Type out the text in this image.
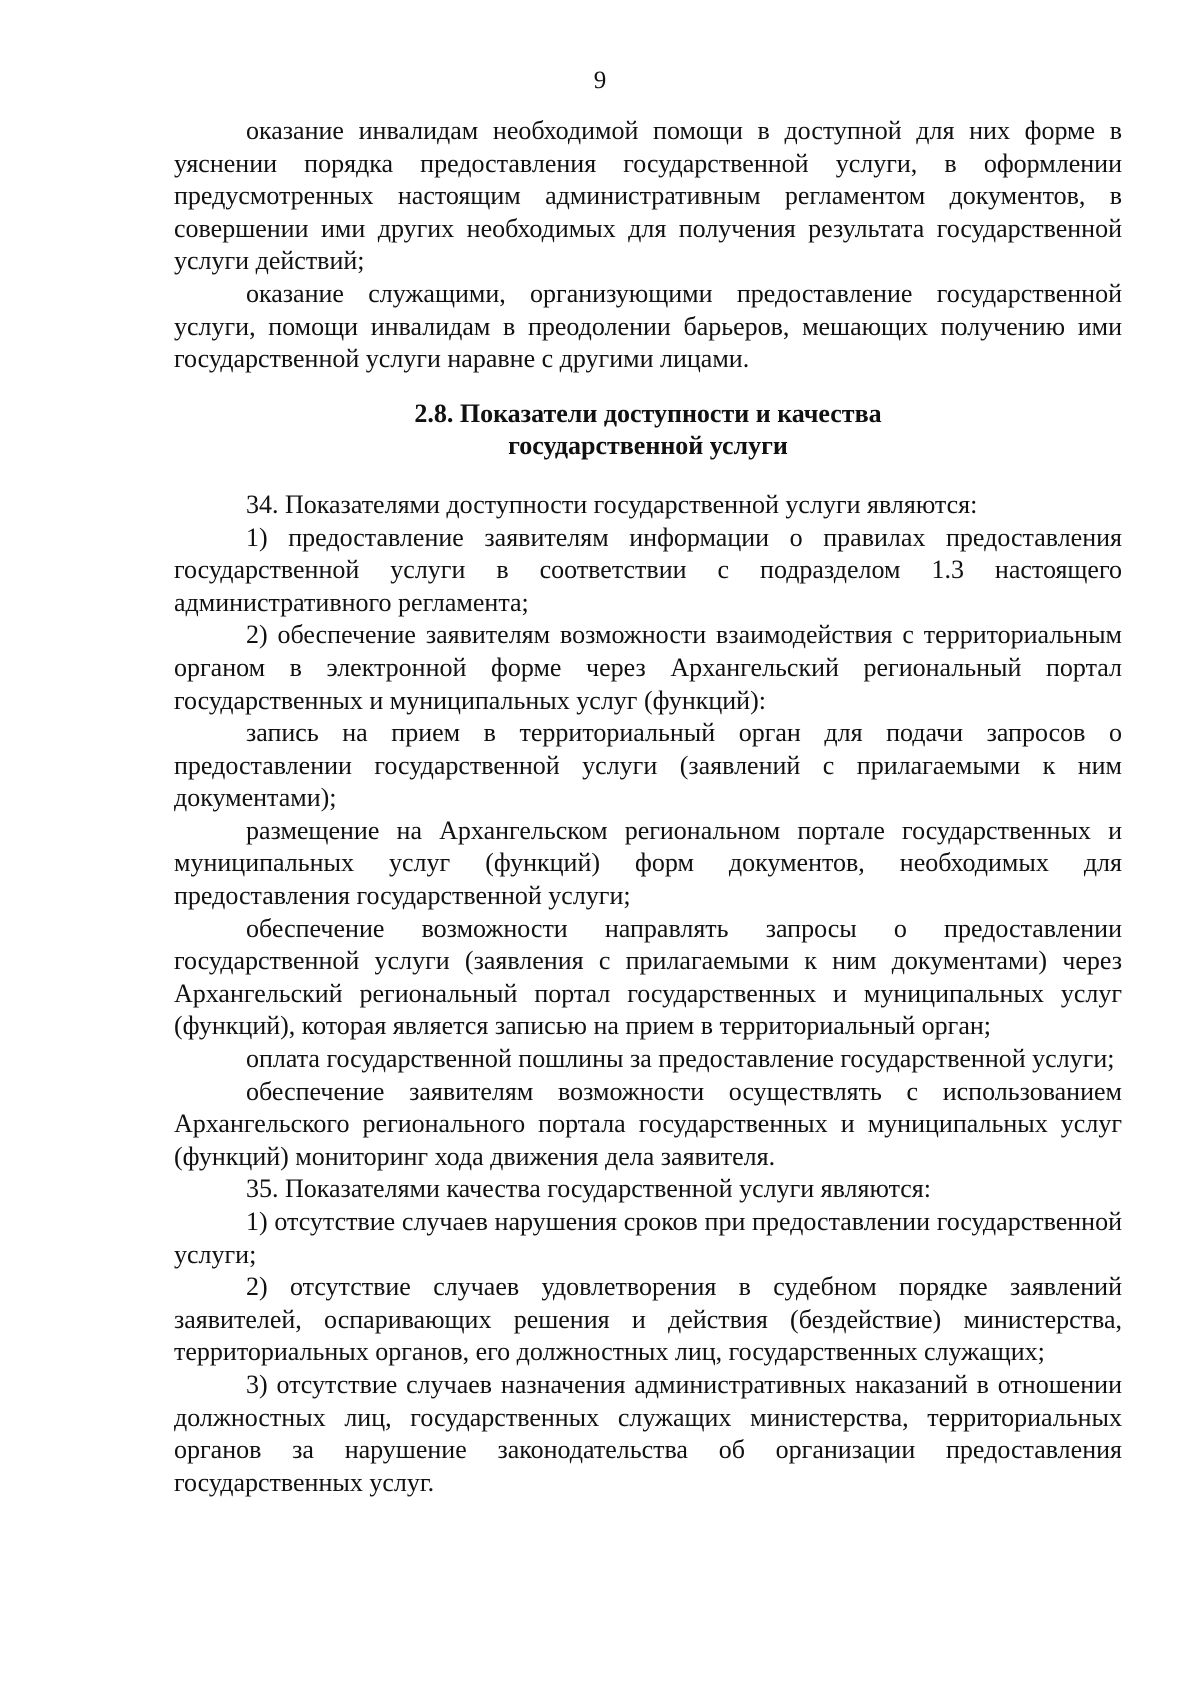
9

оказание инвалидам необходимой помощи в доступной для них форме в уяснении порядка предоставления государственной услуги, в оформлении предусмотренных настоящим административным регламентом документов, в совершении ими других необходимых для получения результата государственной услуги действий;

оказание служащими, организующими предоставление государственной услуги, помощи инвалидам в преодолении барьеров, мешающих получению ими государственной услуги наравне с другими лицами.

2.8. Показатели доступности и качества
государственной услуги

34. Показателями доступности государственной услуги являются:

1) предоставление заявителям информации о правилах предоставления государственной услуги в соответствии с подразделом 1.3 настоящего административного регламента;

2) обеспечение заявителям возможности взаимодействия с территориальным органом в электронной форме через Архангельский региональный портал государственных и муниципальных услуг (функций):

запись на прием в территориальный орган для подачи запросов о предоставлении государственной услуги (заявлений с прилагаемыми к ним документами);

размещение на Архангельском региональном портале государственных и муниципальных услуг (функций) форм документов, необходимых для предоставления государственной услуги;

обеспечение возможности направлять запросы о предоставлении государственной услуги (заявления с прилагаемыми к ним документами) через Архангельский региональный портал государственных и муниципальных услуг (функций), которая является записью на прием в территориальный орган;

оплата государственной пошлины за предоставление государственной услуги;

обеспечение заявителям возможности осуществлять с использованием Архангельского регионального портала государственных и муниципальных услуг (функций) мониторинг хода движения дела заявителя.

35. Показателями качества государственной услуги являются:

1) отсутствие случаев нарушения сроков при предоставлении государственной услуги;

2) отсутствие случаев удовлетворения в судебном порядке заявлений заявителей, оспаривающих решения и действия (бездействие) министерства, территориальных органов, его должностных лиц, государственных служащих;

3) отсутствие случаев назначения административных наказаний в отношении должностных лиц, государственных служащих министерства, территориальных органов за нарушение законодательства об организации предоставления государственных услуг.
